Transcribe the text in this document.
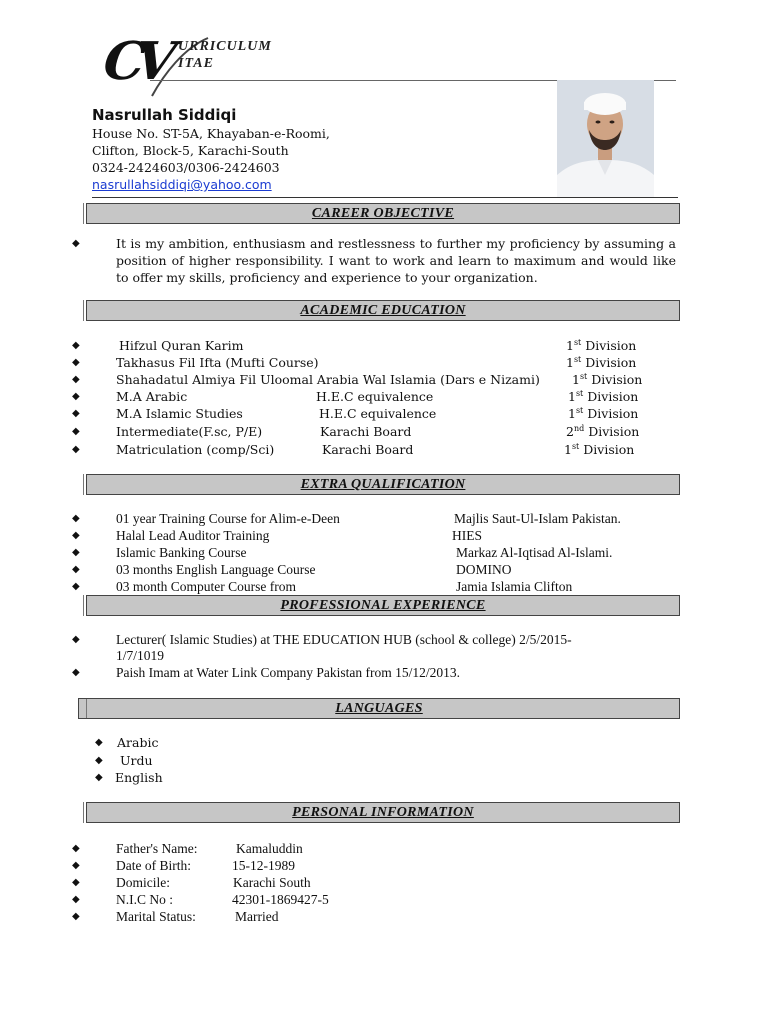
CV URRICULUM
ITAE
Nasrullah Siddiqi
House No. ST-5A, Khayaban-e-Roomi,
Clifton, Block-5, Karachi-South
0324-2424603/0306-2424603
nasrullahsiddiqi@yahoo.com
CAREER OBJECTIVE
◆	It is my ambition, enthusiasm and restlessness to further my proficiency by assuming a position of higher responsibility. I want to work and learn to maximum and would like to offer my skills, proficiency and experience to your organization.
ACADEMIC EDUCATION
◆	Hifzul Quran Karim	1st Division
◆	Takhasus Fil Ifta (Mufti Course)	1st Division
◆	Shahadatul Almiya Fil Uloomal Arabia Wal Islamia (Dars e Nizami)	1st Division
◆	M.A Arabic	H.E.C equivalence	1st Division
◆	M.A Islamic Studies	H.E.C equivalence	1st Division
◆	Intermediate(F.sc, P/E)	Karachi Board	2nd Division
◆	Matriculation (comp/Sci)	Karachi Board	1st Division
EXTRA QUALIFICATION
◆	01 year Training Course for Alim-e-Deen	Majlis Saut-Ul-Islam Pakistan.
◆	Halal Lead Auditor Training	HIES
◆	Islamic Banking Course	Markaz Al-Iqtisad Al-Islami.
◆	03 months English Language Course	DOMINO
◆	03 month Computer Course from	Jamia Islamia Clifton
PROFESSIONAL EXPERIENCE
◆	Lecturer( Islamic Studies) at THE EDUCATION HUB (school & college) 2/5/2015-
1/7/1019
◆	Paish Imam at Water Link Company Pakistan from 15/12/2013.
LANGUAGES
◆ Arabic
◆ Urdu
◆ English
PERSONAL INFORMATION
◆	Father's Name:	Kamaluddin
◆	Date of Birth:	15-12-1989
◆	Domicile:	Karachi South
◆	N.I.C No :	42301-1869427-5
◆	Marital Status:	Married
